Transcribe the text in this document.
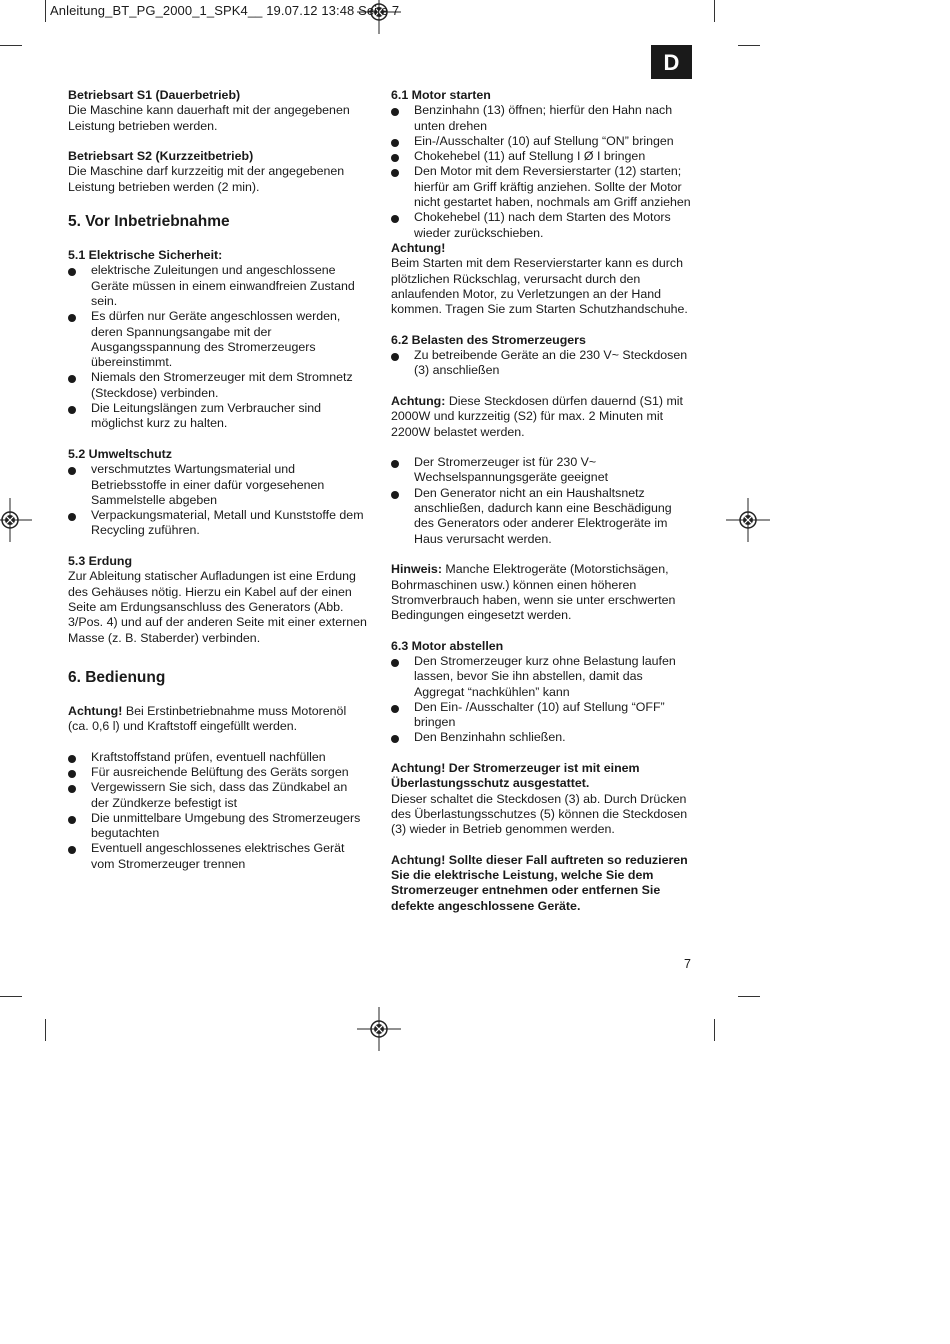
Anleitung_BT_PG_2000_1_SPK4__ 19.07.12 13:48 Seite 7
D

Betriebsart S1 (Dauerbetrieb)

Die Maschine kann dauerhaft mit der angegebenen Leistung betrieben werden.

Betriebsart S2 (Kurzzeitbetrieb)

Die Maschine darf kurzzeitig mit der angegebenen Leistung betrieben werden (2 min).

5. Vor Inbetriebnahme

5.1 Elektrische Sicherheit:

elektrische Zuleitungen und angeschlossene Geräte müssen in einem einwandfreien Zustand sein.
Es dürfen nur Geräte angeschlossen werden, deren Spannungsangabe mit der Ausgangsspannung des Stromerzeugers übereinstimmt.
Niemals den Stromerzeuger mit dem Stromnetz (Steckdose) verbinden.
Die Leitungslängen zum Verbraucher sind möglichst kurz zu halten.

5.2 Umweltschutz

verschmutztes Wartungsmaterial und Betriebsstoffe in einer dafür vorgesehenen Sammelstelle abgeben
Verpackungsmaterial, Metall und Kunststoffe dem Recycling zuführen.

5.3 Erdung

Zur Ableitung statischer Aufladungen ist eine Erdung des Gehäuses nötig. Hierzu ein Kabel auf der einen Seite am Erdungsanschluss des Generators (Abb. 3/Pos. 4) und auf der anderen Seite mit einer externen Masse (z. B. Staberder) verbinden.

6. Bedienung

Achtung! Bei Erstinbetriebnahme muss Motorenöl (ca. 0,6 l) und Kraftstoff eingefüllt werden.

Kraftstoffstand prüfen, eventuell nachfüllen
Für ausreichende Belüftung des Geräts sorgen
Vergewissern Sie sich, dass das Zündkabel an der Zündkerze befestigt ist
Die unmittelbare Umgebung des Stromerzeugers begutachten
Eventuell angeschlossenes elektrisches Gerät vom Stromerzeuger trennen

6.1 Motor starten

Benzinhahn (13) öffnen; hierfür den Hahn nach unten drehen
Ein-/Ausschalter (10) auf Stellung “ON” bringen
Chokehebel (11) auf Stellung I Ø I bringen
Den Motor mit dem Reversierstarter (12) starten; hierfür am Griff kräftig anziehen. Sollte der Motor nicht gestartet haben, nochmals am Griff anziehen
Chokehebel (11) nach dem Starten des Motors wieder zurückschieben.

Achtung!

Beim Starten mit dem Reservierstarter kann es durch plötzlichen Rückschlag, verursacht durch den anlaufenden Motor, zu Verletzungen an der Hand kommen. Tragen Sie zum Starten Schutzhandschuhe.

6.2 Belasten des Stromerzeugers

Zu betreibende Geräte an die 230 V~ Steckdosen (3) anschließen

Achtung: Diese Steckdosen dürfen dauernd (S1) mit 2000W und kurzzeitig (S2) für max. 2 Minuten mit 2200W belastet werden.

Der Stromerzeuger ist für 230 V~ Wechselspannungsgeräte geeignet
Den Generator nicht an ein Haushaltsnetz anschließen, dadurch kann eine Beschädigung des Generators oder anderer Elektrogeräte im Haus verursacht werden.

Hinweis: Manche Elektrogeräte (Motorstichsägen, Bohrmaschinen usw.) können einen höheren Stromverbrauch haben, wenn sie unter erschwerten Bedingungen eingesetzt werden.

6.3 Motor abstellen

Den Stromerzeuger kurz ohne Belastung laufen lassen, bevor Sie ihn abstellen, damit das Aggregat “nachkühlen” kann
Den Ein- /Ausschalter (10) auf Stellung “OFF” bringen
Den Benzinhahn schließen.

Achtung! Der Stromerzeuger ist mit einem Überlastungsschutz ausgestattet.

Dieser schaltet die Steckdosen (3) ab. Durch Drücken des Überlastungsschutzes (5) können die Steckdosen (3) wieder in Betrieb genommen werden.

Achtung! Sollte dieser Fall auftreten so reduzieren Sie die elektrische Leistung, welche Sie dem Stromerzeuger entnehmen oder entfernen Sie defekte angeschlossene Geräte.

7
